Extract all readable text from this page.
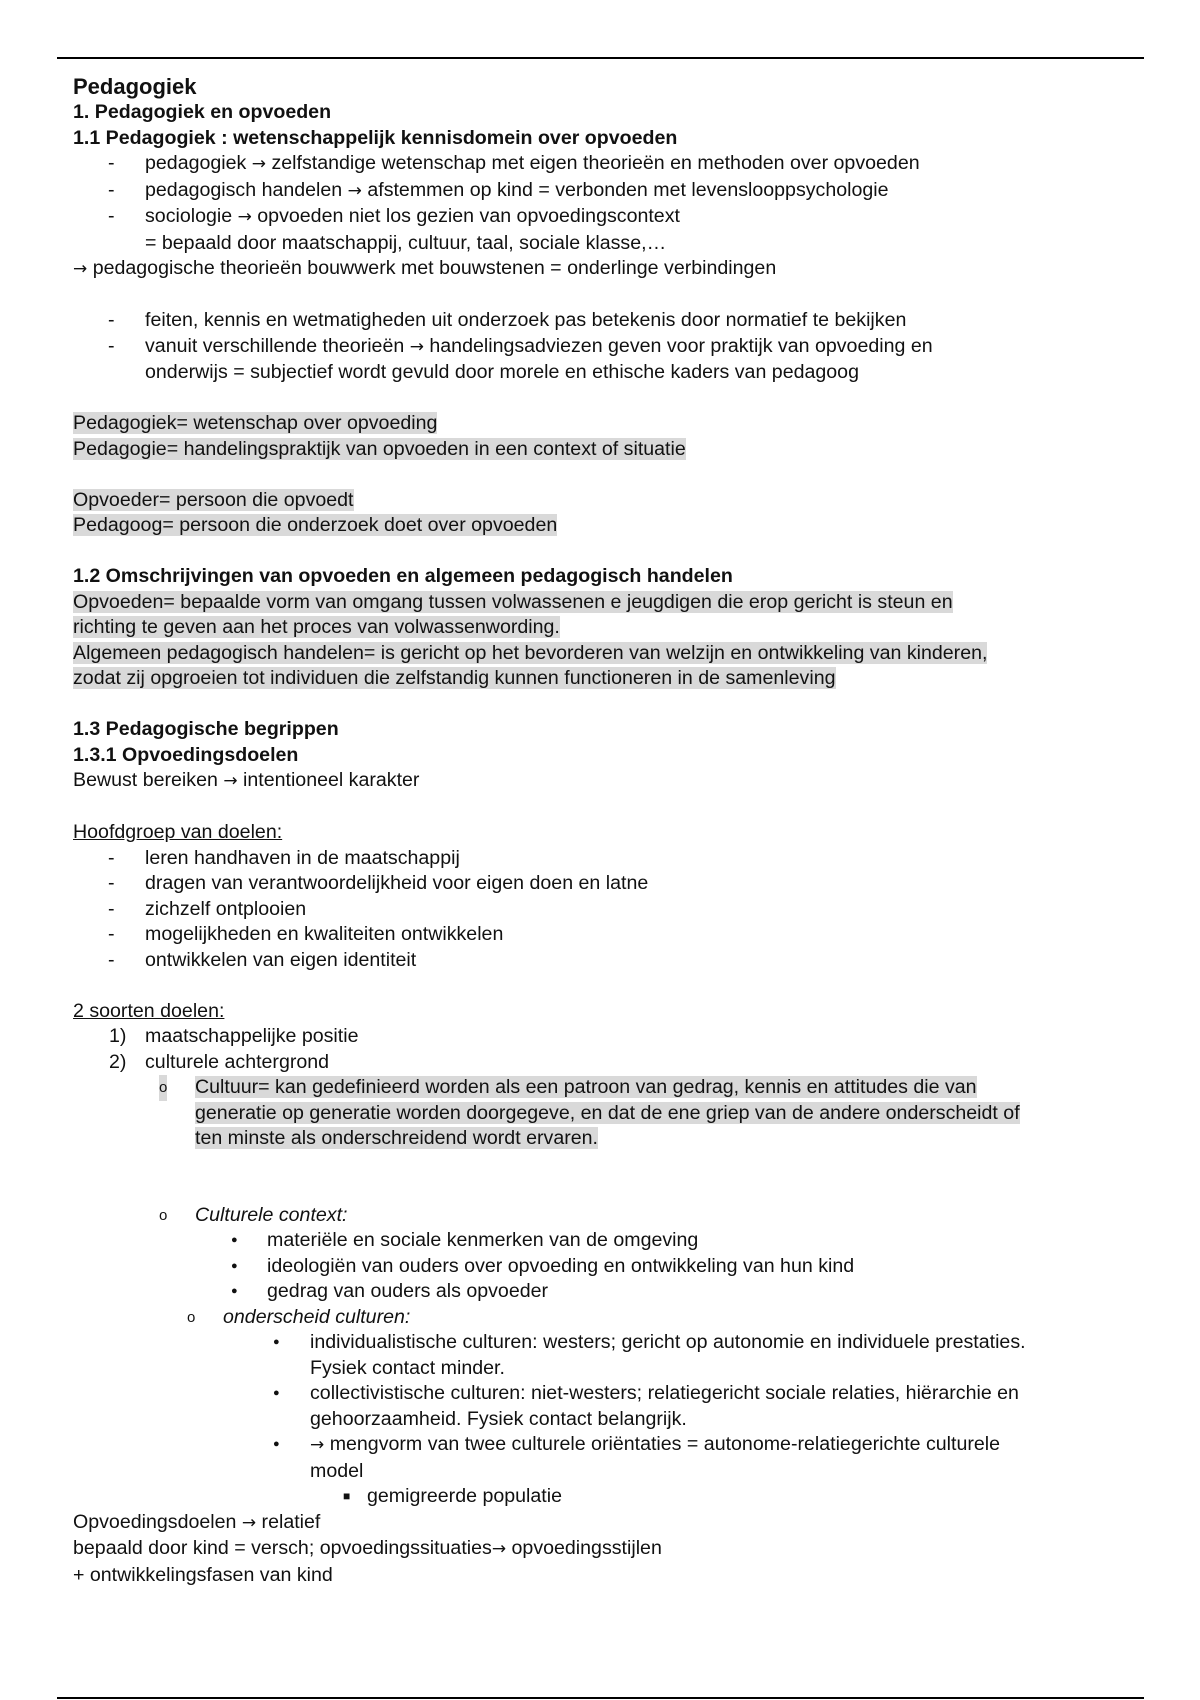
Pedagogiek
1. Pedagogiek en opvoeden
1.1 Pedagogiek : wetenschappelijk kennisdomein over opvoeden
- pedagogiek → zelfstandige wetenschap met eigen theorieën en methoden over opvoeden
- pedagogisch handelen → afstemmen op kind = verbonden met levenslooppsychologie
- sociologie → opvoeden niet los gezien van opvoedingscontext
= bepaald door maatschappij, cultuur, taal, sociale klasse,…
→ pedagogische theorieën bouwwerk met bouwstenen = onderlinge verbindingen
- feiten, kennis en wetmatigheden uit onderzoek pas betekenis door normatief te bekijken
- vanuit verschillende theorieën → handelingsadviezen geven voor praktijk van opvoeding en
onderwijs = subjectief wordt gevuld door morele en ethische kaders van pedagoog
Pedagogiek= wetenschap over opvoeding
Pedagogie= handelingspraktijk van opvoeden in een context of situatie
Opvoeder= persoon die opvoedt
Pedagoog= persoon die onderzoek doet over opvoeden
1.2 Omschrijvingen van opvoeden en algemeen pedagogisch handelen
Opvoeden= bepaalde vorm van omgang tussen volwassenen e jeugdigen die erop gericht is steun en
richting te geven aan het proces van volwassenwording.
Algemeen pedagogisch handelen= is gericht op het bevorderen van welzijn en ontwikkeling van kinderen,
zodat zij opgroeien tot individuen die zelfstandig kunnen functioneren in de samenleving
1.3 Pedagogische begrippen
1.3.1 Opvoedingsdoelen
Bewust bereiken → intentioneel karakter
Hoofdgroep van doelen:
- leren handhaven in de maatschappij
- dragen van verantwoordelijkheid voor eigen doen en latne
- zichzelf ontplooien
- mogelijkheden en kwaliteiten ontwikkelen
- ontwikkelen van eigen identiteit
2 soorten doelen:
1) maatschappelijke positie
2) culturele achtergrond
o Cultuur= kan gedefinieerd worden als een patroon van gedrag, kennis en attitudes die van
generatie op generatie worden doorgegeve, en dat de ene griep van de andere onderscheidt of
ten minste als onderschreidend wordt ervaren.
o Culturele context:
● materiële en sociale kenmerken van de omgeving
● ideologiën van ouders over opvoeding en ontwikkeling van hun kind
● gedrag van ouders als opvoeder
o onderscheid culturen:
● individualistische culturen: westers; gericht op autonomie en individuele prestaties.
Fysiek contact minder.
● collectivistische culturen: niet-westers; relatiegericht sociale relaties, hiërarchie en
gehoorzaamheid. Fysiek contact belangrijk.
● → mengvorm van twee culturele oriëntaties = autonome-relatiegerichte culturele
model
■ gemigreerde populatie
Opvoedingsdoelen → relatief
bepaald door kind = versch; opvoedingssituaties→ opvoedingsstijlen
+ ontwikkelingsfasen van kind
